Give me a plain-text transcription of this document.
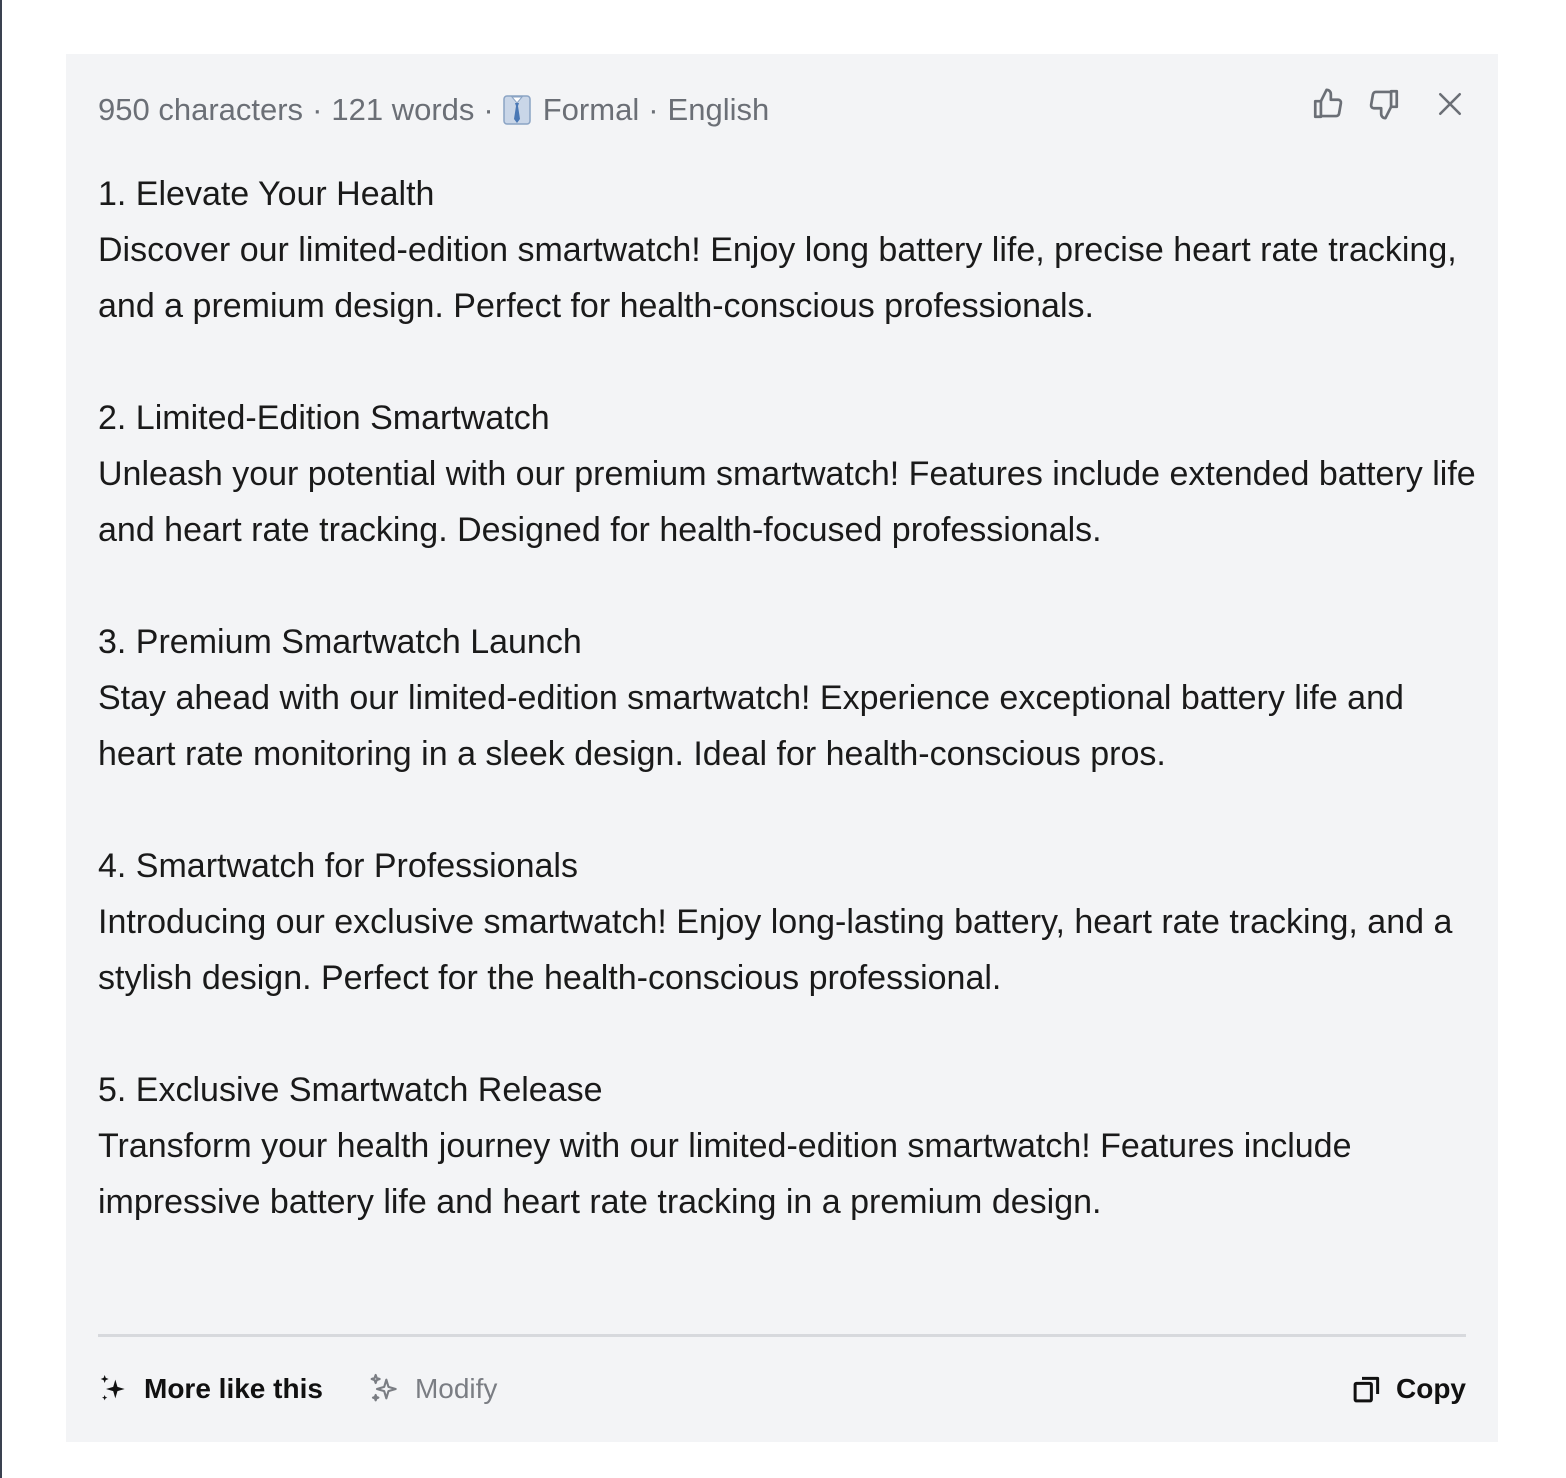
950 characters · 121 words · Formal · English
1. Elevate Your Health
Discover our limited-edition smartwatch! Enjoy long battery life, precise heart rate tracking, and a premium design. Perfect for health-conscious professionals.
2. Limited-Edition Smartwatch
Unleash your potential with our premium smartwatch! Features include extended battery life and heart rate tracking. Designed for health-focused professionals.
3. Premium Smartwatch Launch
Stay ahead with our limited-edition smartwatch! Experience exceptional battery life and heart rate monitoring in a sleek design. Ideal for health-conscious pros.
4. Smartwatch for Professionals
Introducing our exclusive smartwatch! Enjoy long-lasting battery, heart rate tracking, and a stylish design. Perfect for the health-conscious professional.
5. Exclusive Smartwatch Release
Transform your health journey with our limited-edition smartwatch! Features include impressive battery life and heart rate tracking in a premium design.
More like this	Modify	Copy
